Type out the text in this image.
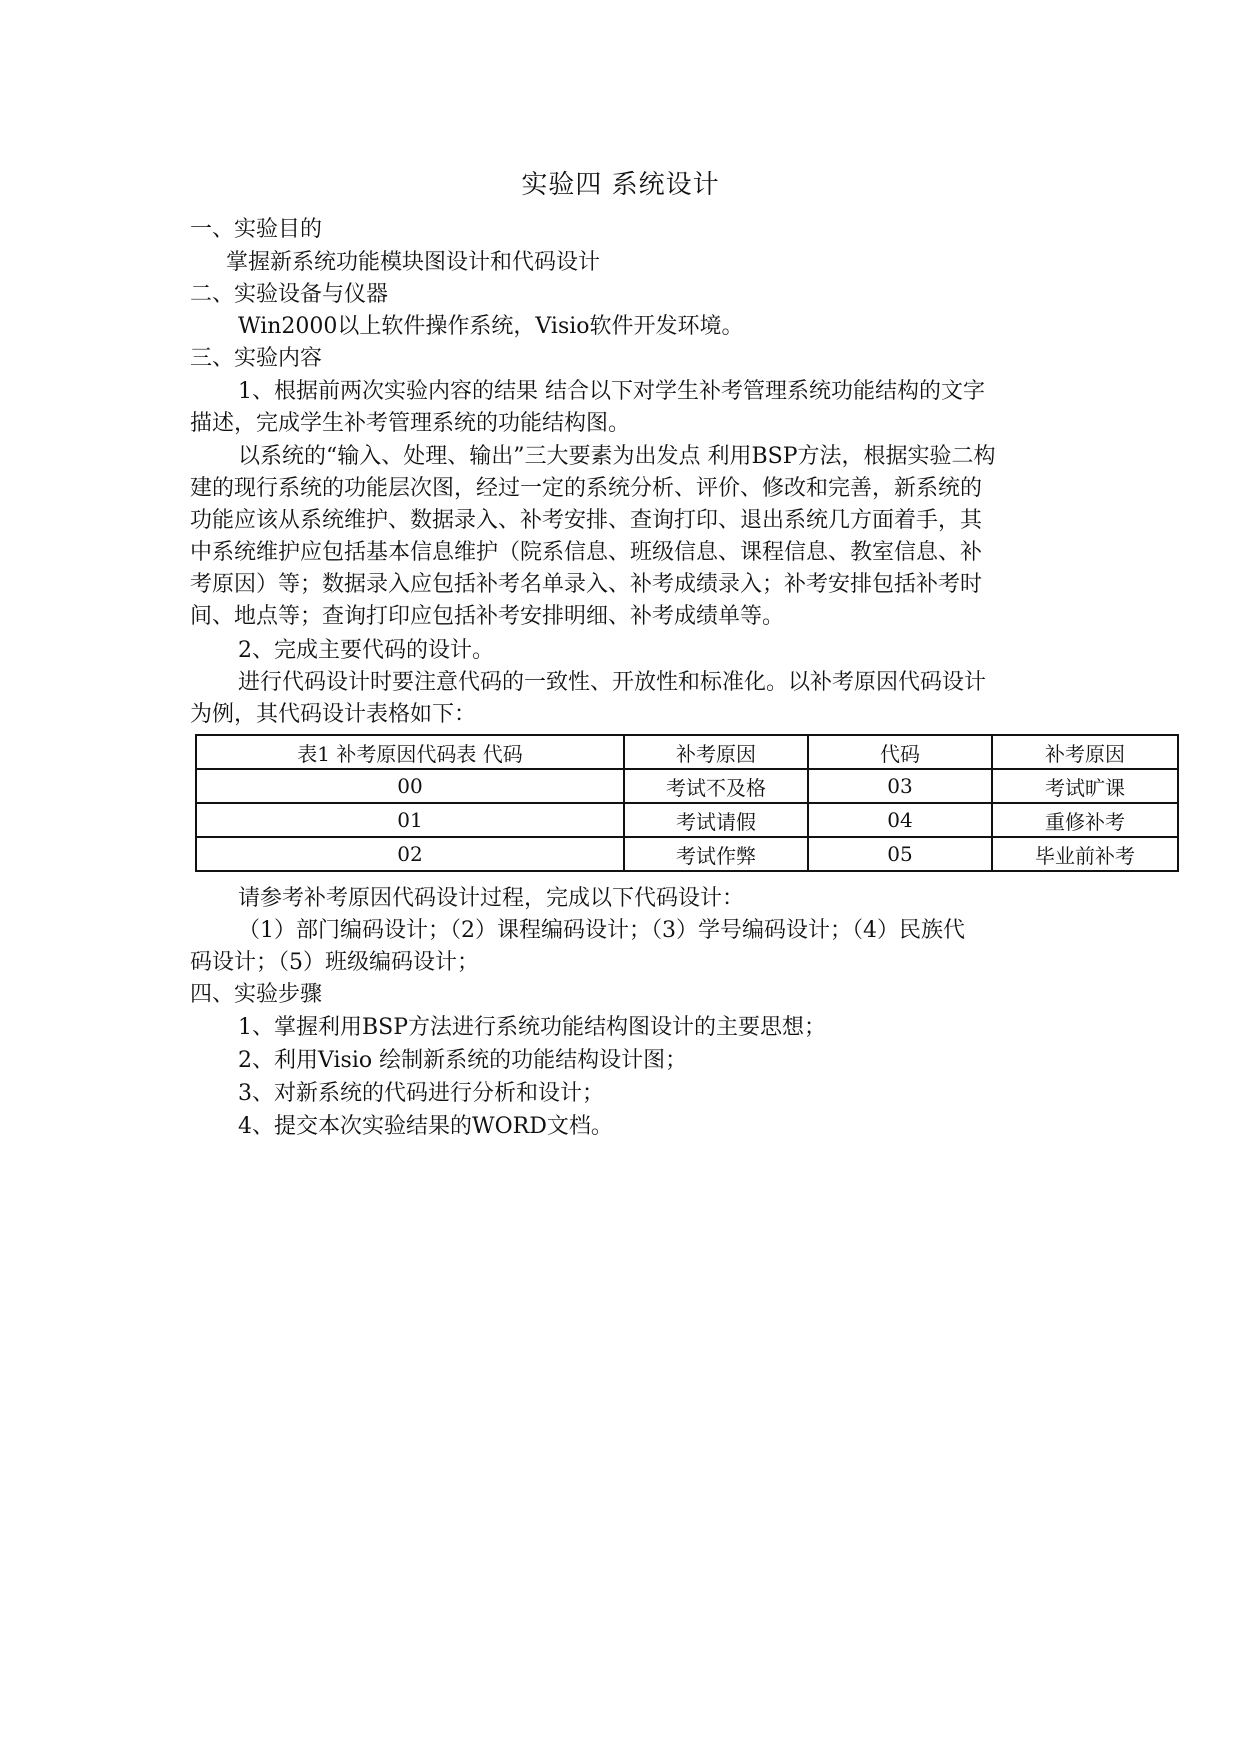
实验四 系统设计
一、实验目的
掌握新系统功能模块图设计和代码设计
二、实验设备与仪器
Win2000以上软件操作系统，Visio软件开发环境。
三、实验内容
1、根据前两次实验内容的结果 结合以下对学生补考管理系统功能结构的文字
描述，完成学生补考管理系统的功能结构图。
以系统的“输入、处理、输出”三大要素为出发点 利用BSP方法，根据实验二构
建的现行系统的功能层次图，经过一定的系统分析、评价、修改和完善，新系统的
功能应该从系统维护、数据录入、补考安排、查询打印、退出系统几方面着手，其
中系统维护应包括基本信息维护（院系信息、班级信息、课程信息、教室信息、补
考原因）等；数据录入应包括补考名单录入、补考成绩录入；补考安排包括补考时
间、地点等；查询打印应包括补考安排明细、补考成绩单等。
2、完成主要代码的设计。
进行代码设计时要注意代码的一致性、开放性和标准化。以补考原因代码设计
为例，其代码设计表格如下：
表1 补考原因代码表 代码	补考原因	代码	补考原因
00	考试不及格	03	考试旷课
01	考试请假	04	重修补考
02	考试作弊	05	毕业前补考
请参考补考原因代码设计过程，完成以下代码设计：
（1）部门编码设计；（2）课程编码设计；（3）学号编码设计；（4）民族代
码设计；（5）班级编码设计；
四、实验步骤
1、掌握利用BSP方法进行系统功能结构图设计的主要思想；
2、利用Visio 绘制新系统的功能结构设计图；
3、对新系统的代码进行分析和设计；
4、提交本次实验结果的WORD文档。
